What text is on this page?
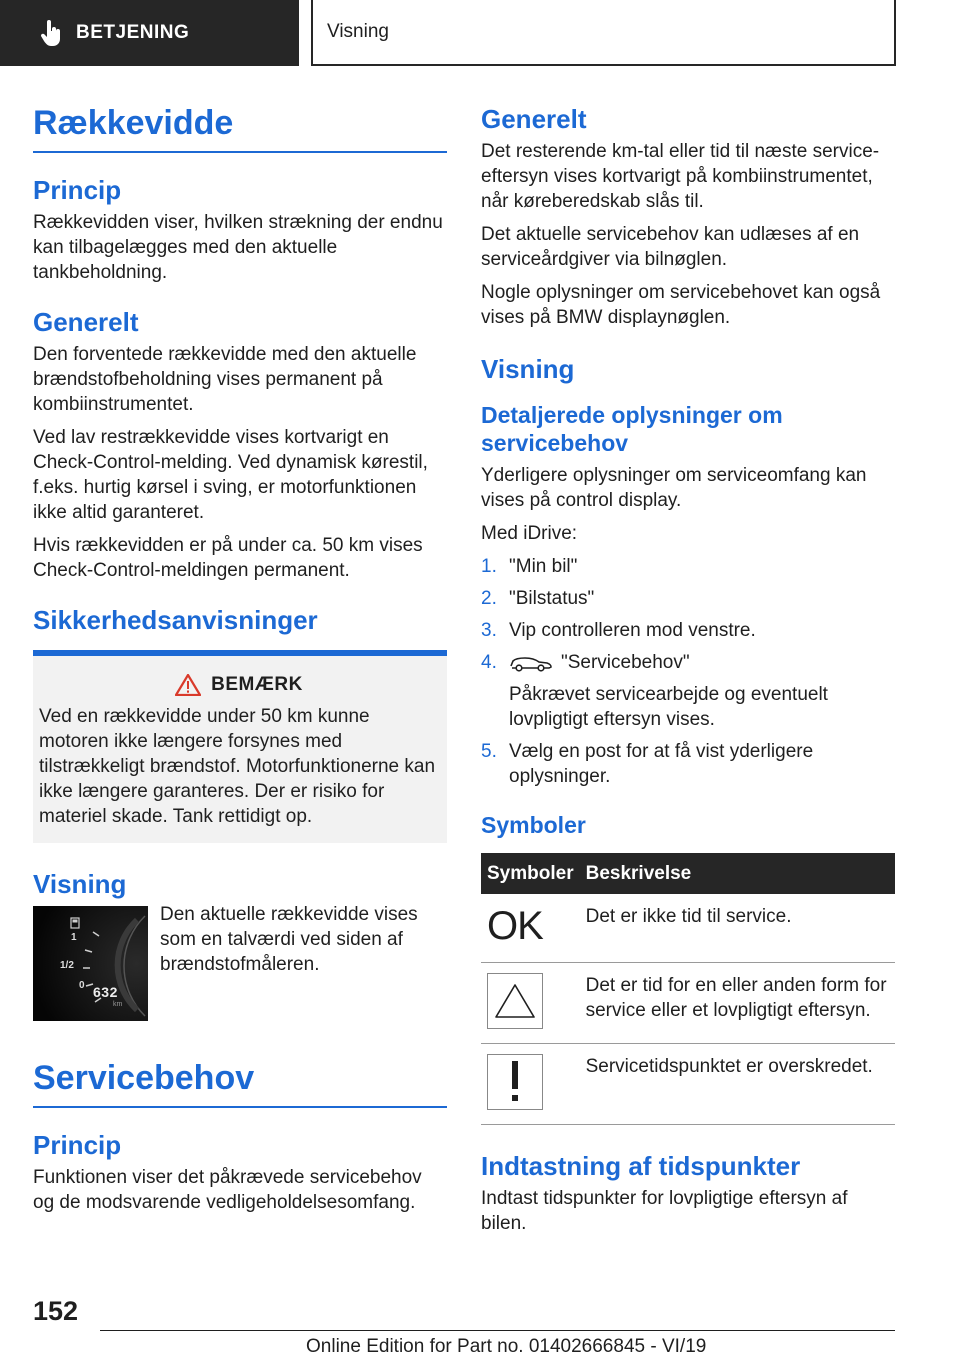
BETJENING	Visning
Rækkevidde
Princip

Rækkevidden viser, hvilken strækning der endnu kan tilbagelægges med den aktuelle tankbeholdning.

Generelt

Den forventede rækkevidde med den aktuelle brændstofbeholdning vises permanent på kombiinstrumentet.

Ved lav restrækkevidde vises kortvarigt en Check-Control-melding. Ved dynamisk kørestil, f.eks. hurtig kørsel i sving, er motorfunktionen ikke altid garanteret.

Hvis rækkevidden er på under ca. 50 km vises Check-Control-meldingen permanent.

Sikkerhedsanvisninger
BEMÆRK

Ved en rækkevidde under 50 km kunne motoren ikke længere forsynes med tilstrækkeligt brændstof. Motorfunktionerne kan ikke længere garanteres. Der er risiko for materiel skade. Tank rettidigt op.

Visning
1
1/2
0 632
km

Den aktuelle rækkevidde vises som en talværdi ved siden af brændstofmåleren.

Servicebehov
Princip

Funktionen viser det påkrævede servicebehov og de modsvarende vedligeholdelsesomfang.

Generelt

Det resterende km-tal eller tid til næste service-eftersyn vises kortvarigt på kombiinstrumentet, når køreberedskab slås til.

Det aktuelle servicebehov kan udlæses af en serviceårdgiver via bilnøglen.

Nogle oplysninger om servicebehovet kan også vises på BMW displaynøglen.

Visning
Detaljerede oplysninger om servicebehov

Yderligere oplysninger om serviceomfang kan vises på control display.

Med iDrive:

1. "Min bil"
2. "Bilstatus"
3. Vip controlleren mod venstre.
4.	"Servicebehov"
Påkrævet servicearbejde og eventuelt lovpligtigt eftersyn vises.
5. Vælg en post for at få vist yderligere oplysninger.
Symboler
Symboler	Beskrivelse
OK	Det er ikke tid til service.

	Det er tid for en eller anden form for service eller et lovpligtigt eftersyn.

	Servicetidspunktet er overskredet.
Indtastning af tidspunkter

Indtast tidspunkter for lovpligtige eftersyn af bilen.

152
Online Edition for Part no. 01402666845 - VI/19
